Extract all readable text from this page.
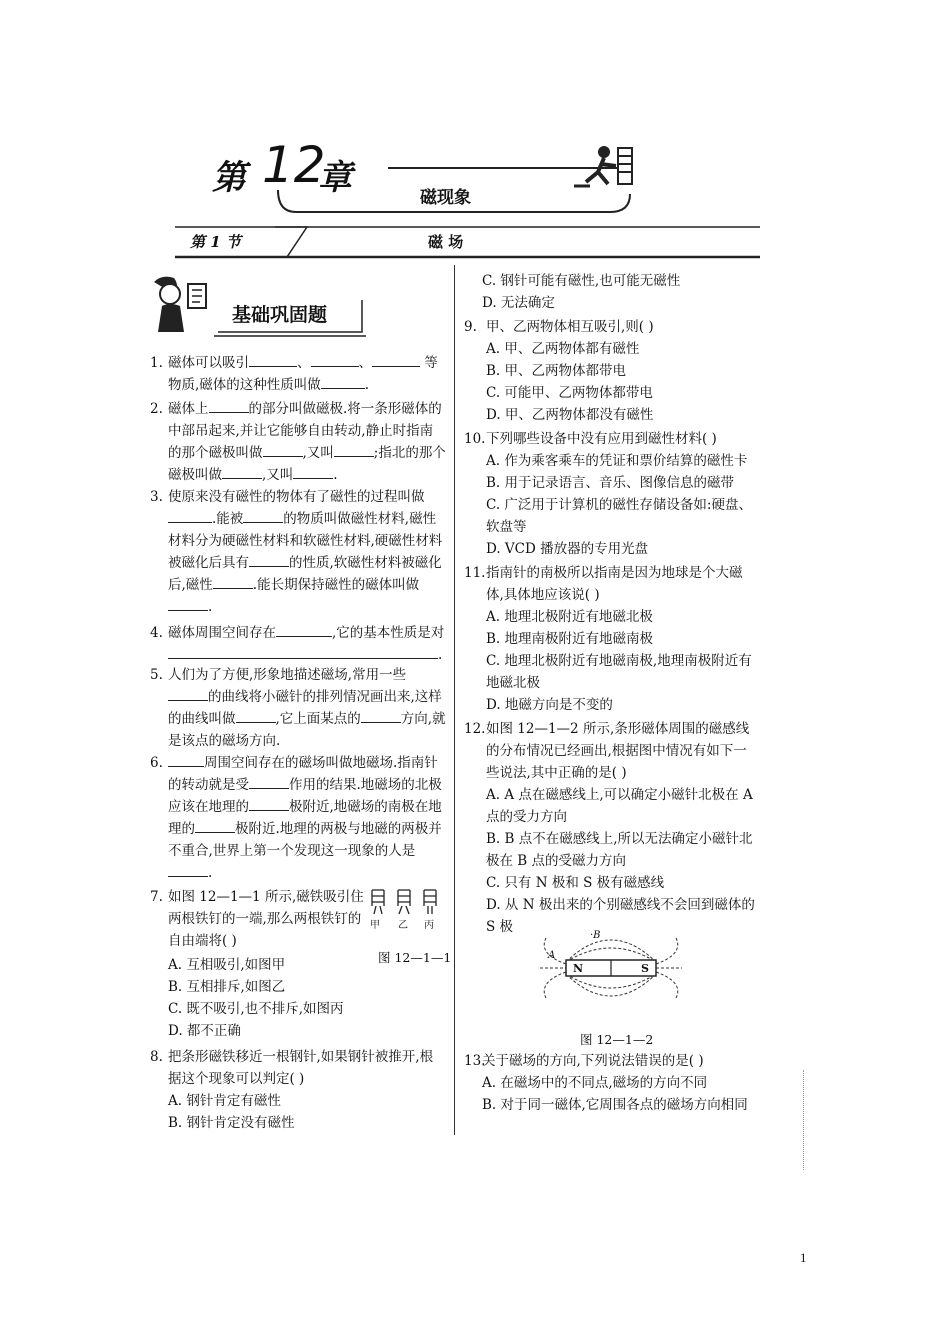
第 12
章	磁现象
第 1 节	磁 场
基础巩固题
1. 磁体可以吸引	、	、	等物质,磁体的这种性质叫做	.
2. 磁体上	的部分叫做磁极.将一条形磁体的中部吊起来,并让它能够自由转动,静止时指南的那个磁极叫做	,又叫	;指北的那个磁极叫做	,又叫	.
3. 使原来没有磁性的物体有了磁性的过程叫做.能被	的物质叫做磁性材料,磁性材料分为硬磁性材料和软磁性材料,硬磁性材料被磁化后具有	的性质,软磁性材料被磁化后,磁性	.能长期保持磁性的磁体叫做.
4. 磁体周围空间存在	,它的基本性质是对.
5. 人们为了方便,形象地描述磁场,常用一些的曲线将小磁针的排列情况画出来,这样的曲线叫做	,它上面某点的	方向,就是该点的磁场方向.
6.	周围空间存在的磁场叫做地磁场.指南针的转动就是受	作用的结果.地磁场的北极应该在地理的	极附近,地磁场的南极在地理的	极附近.地理的两极与地磁的两极并不重合,世界上第一个发现这一现象的人是.
7. 如图 12—1—1 所示,磁铁吸引住两根铁钉的一端,那么两根铁钉的自由端将( )
甲 乙 丙
图 12—1—1
A. 互相吸引,如图甲
B. 互相排斥,如图乙
C. 既不吸引,也不排斥,如图丙
D. 都不正确
8. 把条形磁铁移近一根钢针,如果钢针被推开,根据这个现象可以判定( )
A. 钢针肯定有磁性
B. 钢针肯定没有磁性
C. 钢针可能有磁性,也可能无磁性
D. 无法确定
9. 甲、乙两物体相互吸引,则( )
A. 甲、乙两物体都有磁性
B. 甲、乙两物体都带电
C. 可能甲、乙两物体都带电
D. 甲、乙两物体都没有磁性
10. 下列哪些设备中没有应用到磁性材料( )
A. 作为乘客乘车的凭证和票价结算的磁性卡
B. 用于记录语言、音乐、图像信息的磁带
C. 广泛用于计算机的磁性存储设备如:硬盘、软盘等
D. VCD 播放器的专用光盘
11. 指南针的南极所以指南是因为地球是个大磁体,具体地应该说( )
A. 地理北极附近有地磁北极
B. 地理南极附近有地磁南极
C. 地理北极附近有地磁南极,地理南极附近有地磁北极
D. 地磁方向是不变的
12. 如图 12—1—2 所示,条形磁体周围的磁感线的分布情况已经画出,根据图中情况有如下一些说法,其中正确的是( )
A. A 点在磁感线上,可以确定小磁针北极在 A 点的受力方向
B. B 点不在磁感线上,所以无法确定小磁针北极在 B 点的受磁力方向
C. 只有 N 极和 S 极有磁感线
D. 从 N 极出来的个别磁感线不会回到磁体的 S 极
A
·B
N	S
图 12—1—2
13.
关于磁场的方向,下列说法错误的是( )
A. 在磁场中的不同点,磁场的方向不同
B. 对于同一磁体,它周围各点的磁场方向相同
1
